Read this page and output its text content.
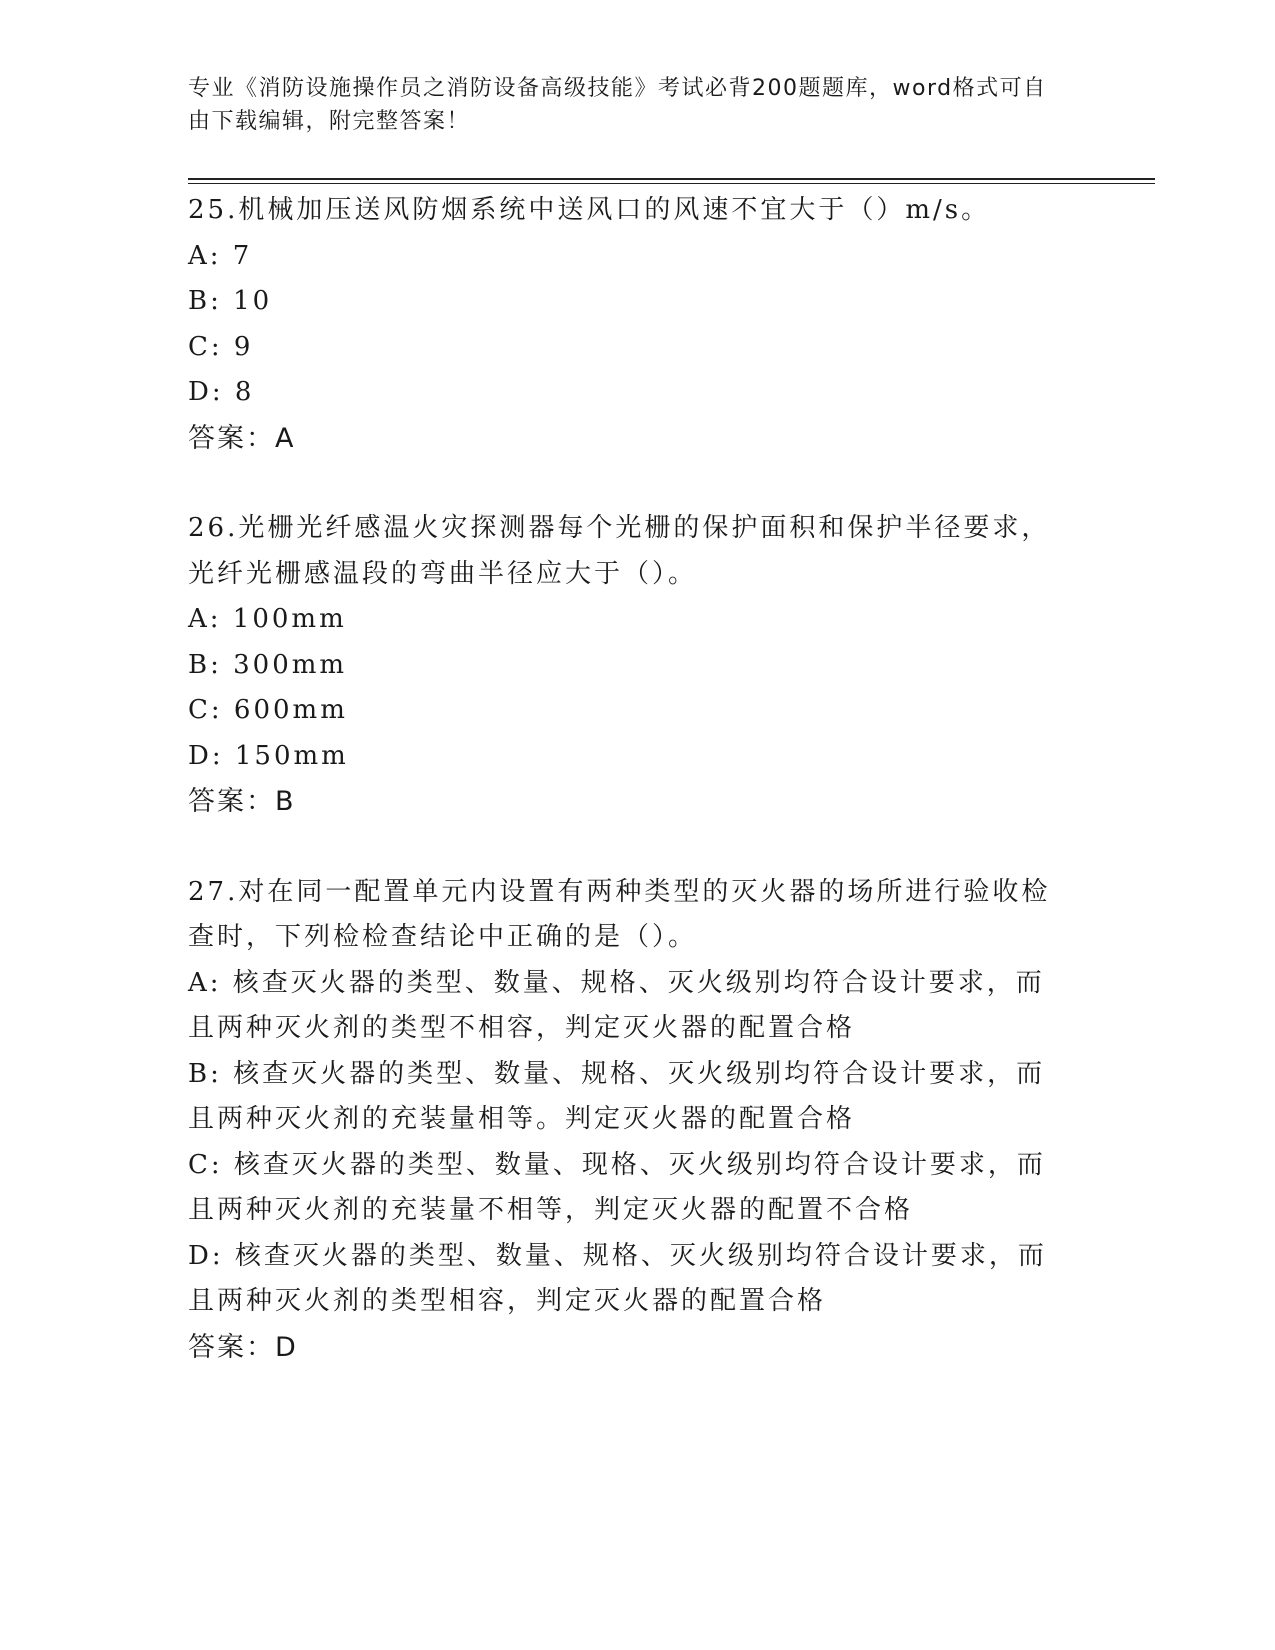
专业《消防设施操作员之消防设备高级技能》考试必背200题题库，word格式可自由下载编辑，附完整答案！

25.机械加压送风防烟系统中送风口的风速不宜大于（）m/s。

A: 7

B: 10

C: 9

D: 8

答案：A

26.光栅光纤感温火灾探测器每个光栅的保护面积和保护半径要求，光纤光栅感温段的弯曲半径应大于（）。

A: 100mm

B: 300mm

C: 600mm

D: 150mm

答案：B

27.对在同一配置单元内设置有两种类型的灭火器的场所进行验收检查时，下列检检查结论中正确的是（）。

A: 核查灭火器的类型、数量、规格、灭火级别均符合设计要求，而且两种灭火剂的类型不相容，判定灭火器的配置合格

B: 核查灭火器的类型、数量、规格、灭火级别均符合设计要求，而且两种灭火剂的充装量相等。判定灭火器的配置合格

C: 核查灭火器的类型、数量、现格、灭火级别均符合设计要求，而且两种灭火剂的充装量不相等，判定灭火器的配置不合格

D: 核查灭火器的类型、数量、规格、灭火级别均符合设计要求，而且两种灭火剂的类型相容，判定灭火器的配置合格

答案：D
